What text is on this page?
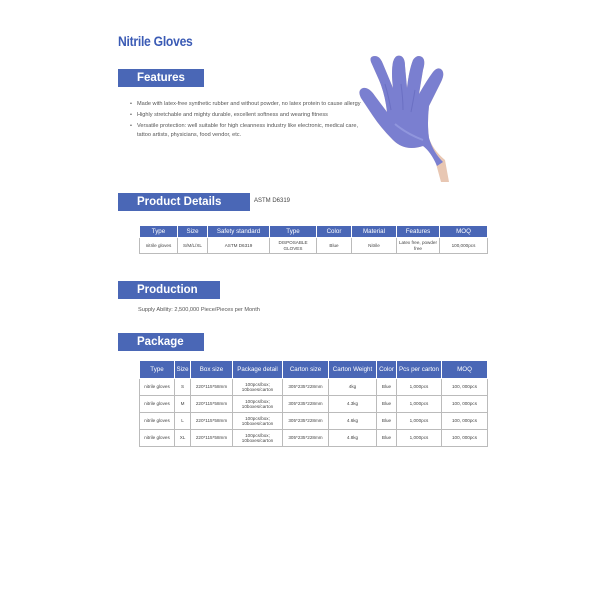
Nitrile Gloves
Features
• Made with latex-free synthetic rubber and without powder, no latex protein to cause allergy
• Highly stretchable and mighty durable, excellent softness and wearing fitness
• Versatile protection: well suitable for high cleanness industry like electronic, medical care, tattoo artists, physicians, food vendor, etc.
Product Details	ASTM D6319
Type	Size	Safety standard	Type	Color	Material	Features	MOQ
nitrile gloves	S/M/L/XL	ASTM D6319	DISPOSABLE GLOVES	Blue	Nitrile	Latex free, powder free	100,000pcs
Production
Supply Ability: 2,500,000 Piece/Pieces per Month
Package
Type	Size	Box size	Package detail	Carton size	Carton Weight	Color	Pcs per carton	MOQ
nitrile gloves	S	220*115*58mm	100pcs/box; 10boxes/carton	305*235*228mm	4kg	Blue	1,000pcs	100, 000pcs
nitrile gloves	M	220*115*58mm	100pcs/box; 10boxes/carton	305*235*228mm	4.3kg	Blue	1,000pcs	100, 000pcs
nitrile gloves	L	220*115*58mm	100pcs/box; 10boxes/carton	305*235*228mm	4.6kg	Blue	1,000pcs	100, 000pcs
nitrile gloves	XL	220*115*58mm	100pcs/box; 10boxes/carton	305*235*228mm	4.8kg	Blue	1,000pcs	100, 000pcs
